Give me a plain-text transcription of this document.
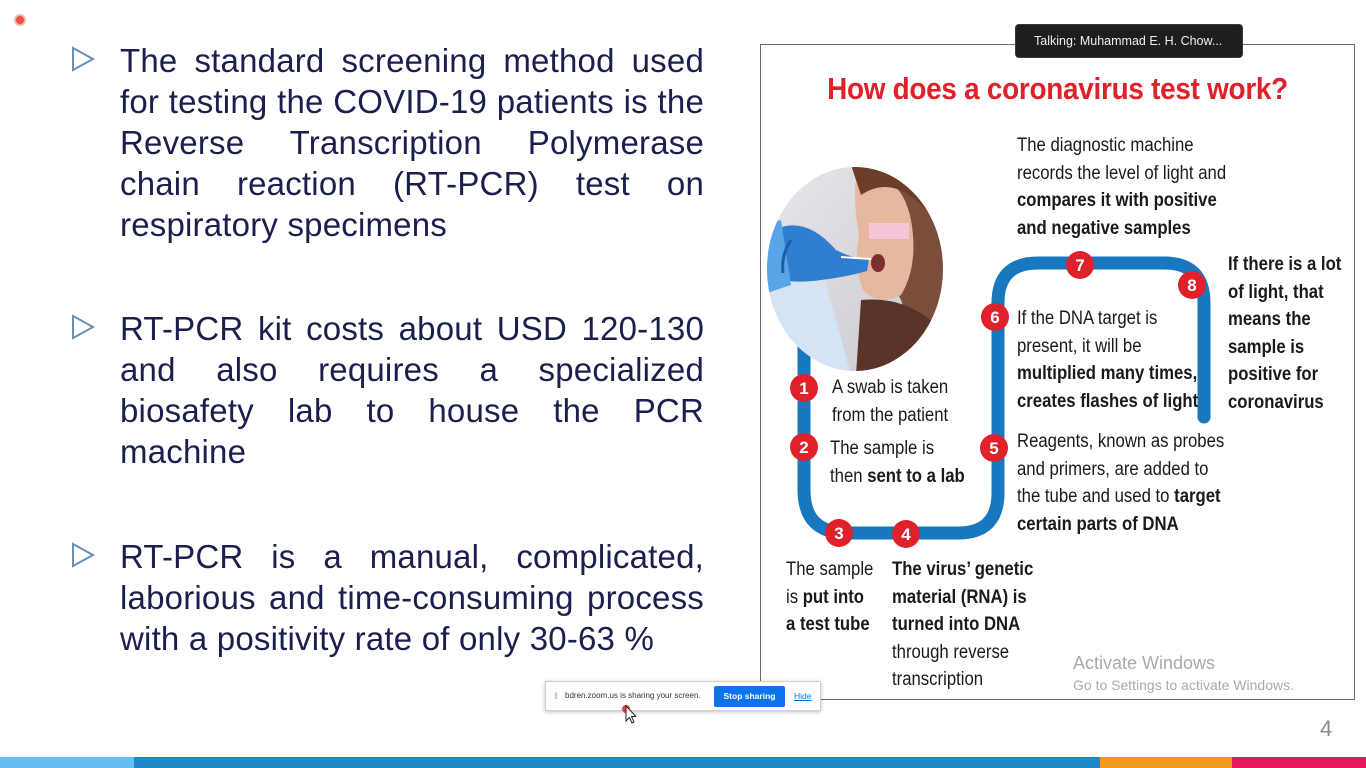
The standard screening method used for testing the COVID-19 patients is the Reverse Transcription Polymerase chain reaction (RT-PCR) test on respiratory specimens
RT-PCR kit costs about USD 120-130 and also requires a specialized biosafety lab to house the PCR machine
RT-PCR is a manual, complicated, laborious and time-consuming process with a positivity rate of only 30-63 %
1
2
3	4
5
6
7
8
How does a coronavirus test work?
A swab is taken
from the patient
The sample is
then sent to a lab
The sample
is put into
a test tube
The virus’ genetic
material (RNA) is
turned into DNA
through reverse
transcription
Reagents, known as probes
and primers, are added to
the tube and used to target
certain parts of DNA
If the DNA target is
present, it will be
multiplied many times,
creates flashes of light
The diagnostic machine
records the level of light and
compares it with positive
and negative samples
If there is a lot
of light, that
means the
sample is
positive for
coronavirus
Talking: Muhammad E. H. Chow...
Activate Windows
Go to Settings to activate Windows.
‖ bdren.zoom.us is sharing your screen.	Stop sharing	Hide
4
